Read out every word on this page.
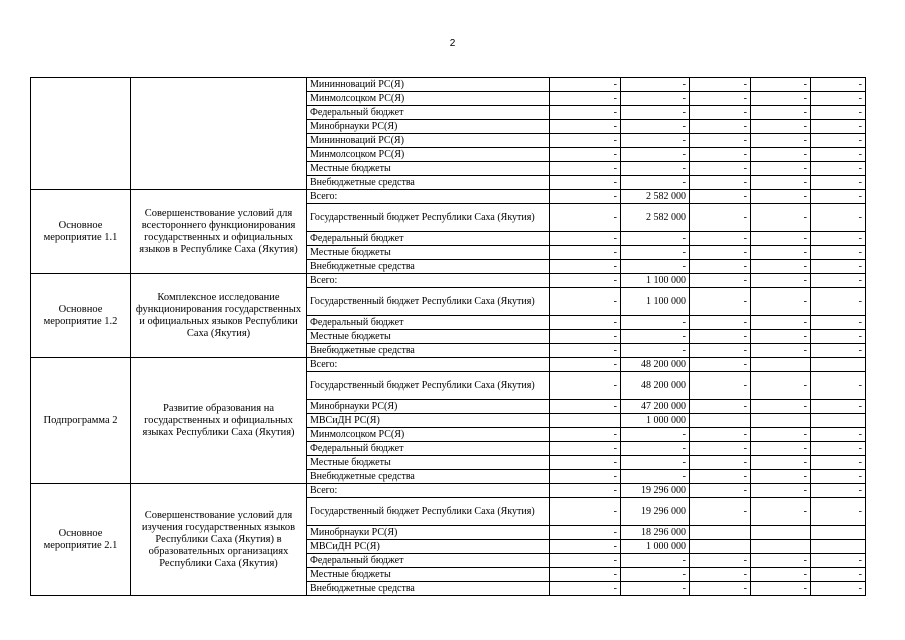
2
		Мининноваций РС(Я)	-	-	-	-	-
		Минмолсоцком РС(Я)	-	-	-	-	-
		Федеральный бюджет	-	-	-	-	-
		Минобрнауки РС(Я)	-	-	-	-	-
		Мининноваций РС(Я)	-	-	-	-	-
		Минмолсоцком РС(Я)	-	-	-	-	-
		Местные бюджеты	-	-	-	-	-
		Внебюджетные средства	-	-	-	-	-
Основное мероприятие 1.1	Совершенствование условий для всестороннего функционирования государственных и официальных языков в Республике Саха (Якутия)	Всего:	-	2 582 000	-	-	-
		Государственный бюджет Республики Саха (Якутия)	-	2 582 000	-	-	-
		Федеральный бюджет	-	-	-	-	-
		Местные бюджеты	-	-	-	-	-
		Внебюджетные средства	-	-	-	-	-
Основное мероприятие 1.2	Комплексное исследование функционирования государственных и официальных языков Республики Саха (Якутия)	Всего:	-	1 100 000	-	-	-
		Государственный бюджет Республики Саха (Якутия)	-	1 100 000	-	-	-
		Федеральный бюджет	-	-	-	-	-
		Местные бюджеты	-	-	-	-	-
		Внебюджетные средства	-	-	-	-	-
Подпрограмма 2	Развитие образования на государственных и официальных языках Республики Саха (Якутия)	Всего:	-	48 200 000	-		
		Государственный бюджет Республики Саха (Якутия)	-	48 200 000	-	-	-
		Минобрнауки РС(Я)	-	47 200 000	-	-	-
		МВСиДН РС(Я)		1 000 000			
		Минмолсоцком РС(Я)	-	-	-	-	-
		Федеральный бюджет	-	-	-	-	-
		Местные бюджеты	-	-	-	-	-
		Внебюджетные средства	-	-	-	-	-
Основное мероприятие 2.1	Совершенствование условий для изучения государственных языков Республики Саха (Якутия) в образовательных организациях Республики Саха (Якутия)	Всего:	-	19 296 000	-	-	-
		Государственный бюджет Республики Саха (Якутия)	-	19 296 000	-	-	-
		Минобрнауки РС(Я)	-	18 296 000			
		МВСиДН РС(Я)	-	1 000 000			
		Федеральный бюджет	-	-	-	-	-
		Местные бюджеты	-	-	-	-	-
		Внебюджетные средства	-	-	-	-	-
